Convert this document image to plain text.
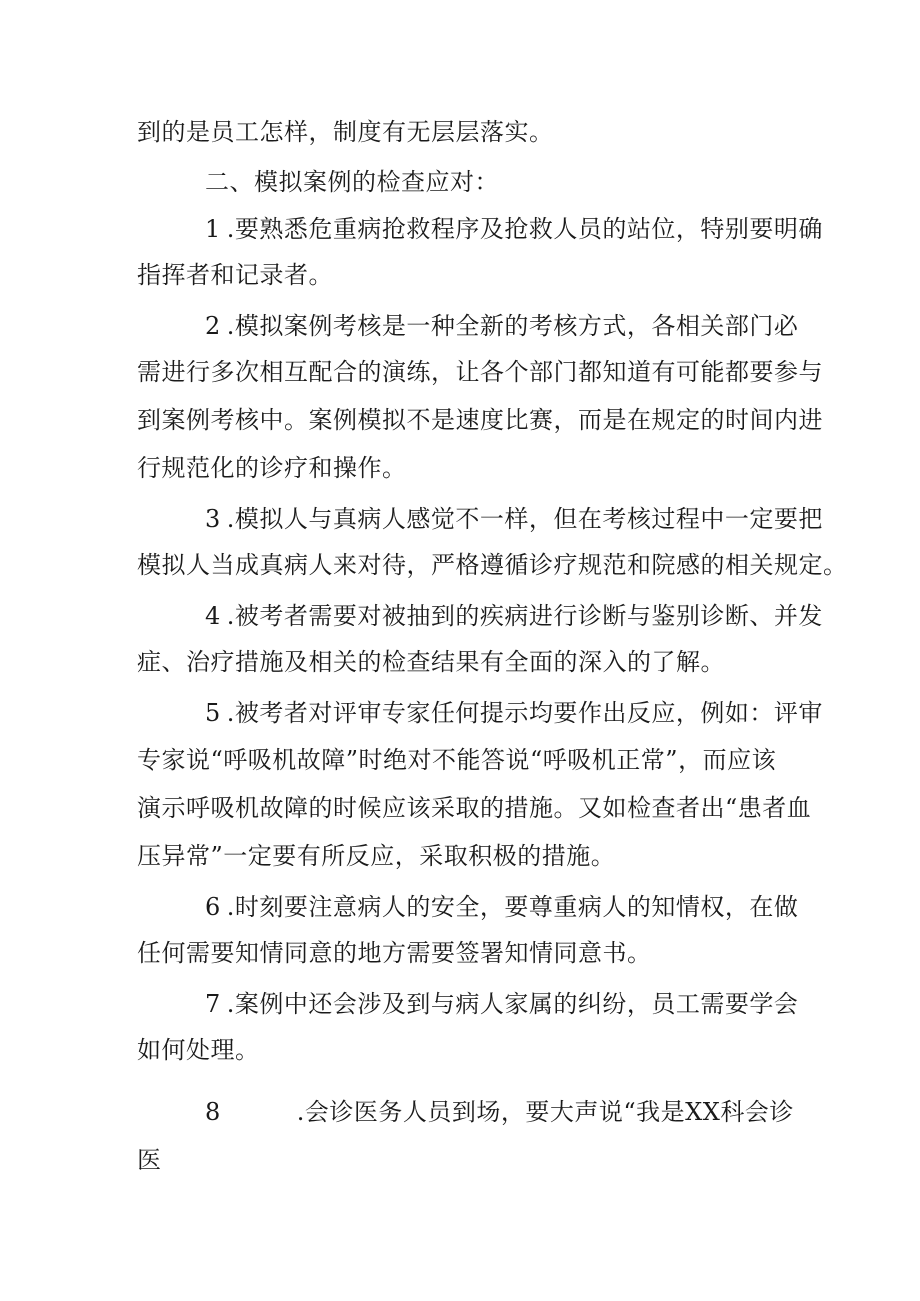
到的是员工怎样，制度有无层层落实。
二、模拟案例的检查应对：
1 .要熟悉危重病抢救程序及抢救人员的站位，特别要明确
指挥者和记录者。
2 .模拟案例考核是一种全新的考核方式，各相关部门必
需进行多次相互配合的演练，让各个部门都知道有可能都要参与
到案例考核中。案例模拟不是速度比赛，而是在规定的时间内进
行规范化的诊疗和操作。
3 .模拟人与真病人感觉不一样，但在考核过程中一定要把
模拟人当成真病人来对待，严格遵循诊疗规范和院感的相关规定。
4 .被考者需要对被抽到的疾病进行诊断与鉴别诊断、并发
症、治疗措施及相关的检查结果有全面的深入的了解。
5 .被考者对评审专家任何提示均要作出反应，例如：评审
专家说“呼吸机故障”时绝对不能答说“呼吸机正常”，而应该
演示呼吸机故障的时候应该采取的措施。又如检查者出“患者血
压异常”一定要有所反应，采取积极的措施。
6 .时刻要注意病人的安全，要尊重病人的知情权，在做
任何需要知情同意的地方需要签署知情同意书。
7 .案例中还会涉及到与病人家属的纠纷，员工需要学会
如何处理。
8	.会诊医务人员到场，要大声说“我是XX科会诊
医
